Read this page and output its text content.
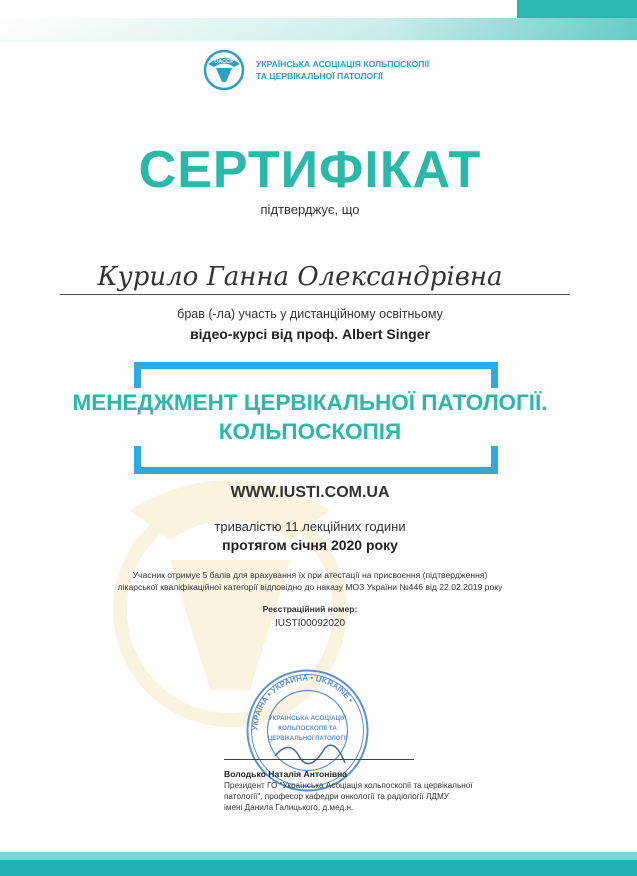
UACCP	УКРАЇНСЬКА АСОЦІАЦІЯ КОЛЬПОСКОПІЇ
ТА ЦЕРВІКАЛЬНОЇ ПАТОЛОГІЇ
СЕРТИФІКАТ
підтверджує, що
Курило Ганна Олександрівна
брав (-ла) участь у дистанційному освітньому
відео-курсі від проф. Albert Singer
МЕНЕДЖМЕНТ ЦЕРВІКАЛЬНОЇ ПАТОЛОГІЇ.
КОЛЬПОСКОПІЯ
WWW.IUSTI.COM.UA
тривалістю 11 лекційних години
протягом січня 2020 року
Учасник отримує 5 балів для врахування їх при атестації на присвоєння (підтвердження)
лікарської кваліфікаційної категорії відповідно до наказу МОЗ України №446 від 22.02.2019 року
Реєстраційний номер:
IUSTI00092020
УКРАЇНА • УКРАИНА • UKRAINE •
УКРАЇНСЬКА АСОЦІАЦІЯ
КОЛЬПОСКОПІЇ ТА
ЦЕРВІКАЛЬНОЇ ПАТОЛОГІЇ
Володько Наталія Антонівна
Президент ГО "Українська Асоціація кольпоскопії та цервікальної
патології", професор кафедри онкології та радіології ЛДМУ
імені Данила Галицького, д.мед.н.
